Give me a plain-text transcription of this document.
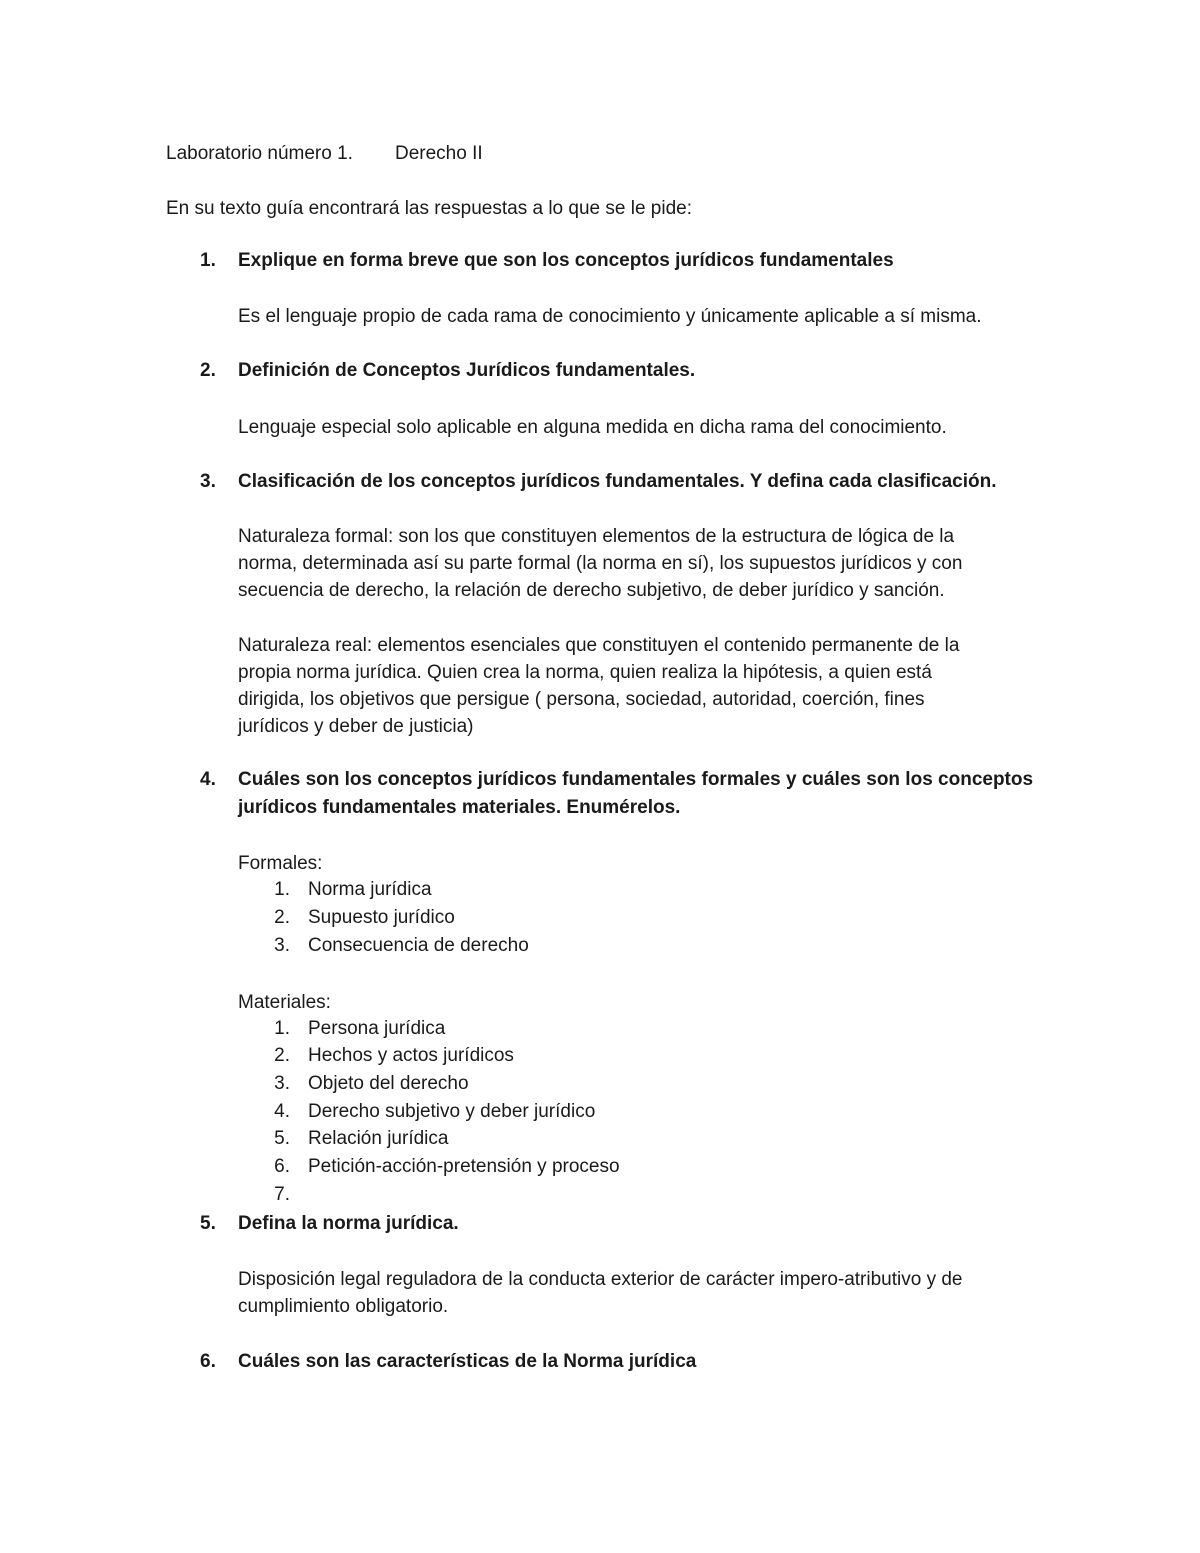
Laboratorio número 1. Derecho II
En su texto guía encontrará las respuestas a lo que se le pide:
1. Explique en forma breve que son los conceptos jurídicos fundamentales
Es el lenguaje propio de cada rama de conocimiento y únicamente aplicable a sí misma.
2. Definición de Conceptos Jurídicos fundamentales.
Lenguaje especial solo aplicable en alguna medida en dicha rama del conocimiento.
3. Clasificación de los conceptos jurídicos fundamentales. Y defina cada clasificación.
Naturaleza formal: son los que constituyen elementos de la estructura de lógica de la
norma, determinada así su parte formal (la norma en sí), los supuestos jurídicos y con
secuencia de derecho, la relación de derecho subjetivo, de deber jurídico y sanción.
Naturaleza real: elementos esenciales que constituyen el contenido permanente de la
propia norma jurídica. Quien crea la norma, quien realiza la hipótesis, a quien está
dirigida, los objetivos que persigue ( persona, sociedad, autoridad, coerción, fines
jurídicos y deber de justicia)
4. Cuáles son los conceptos jurídicos fundamentales formales y cuáles son los conceptos
jurídicos fundamentales materiales. Enumérelos.
Formales:
1. Norma jurídica
2. Supuesto jurídico
3. Consecuencia de derecho
Materiales:
1. Persona jurídica
2. Hechos y actos jurídicos
3. Objeto del derecho
4. Derecho subjetivo y deber jurídico
5. Relación jurídica
6. Petición-acción-pretensión y proceso
7.
5. Defina la norma jurídica.
Disposición legal reguladora de la conducta exterior de carácter impero-atributivo y de
cumplimiento obligatorio.
6. Cuáles son las características de la Norma jurídica
